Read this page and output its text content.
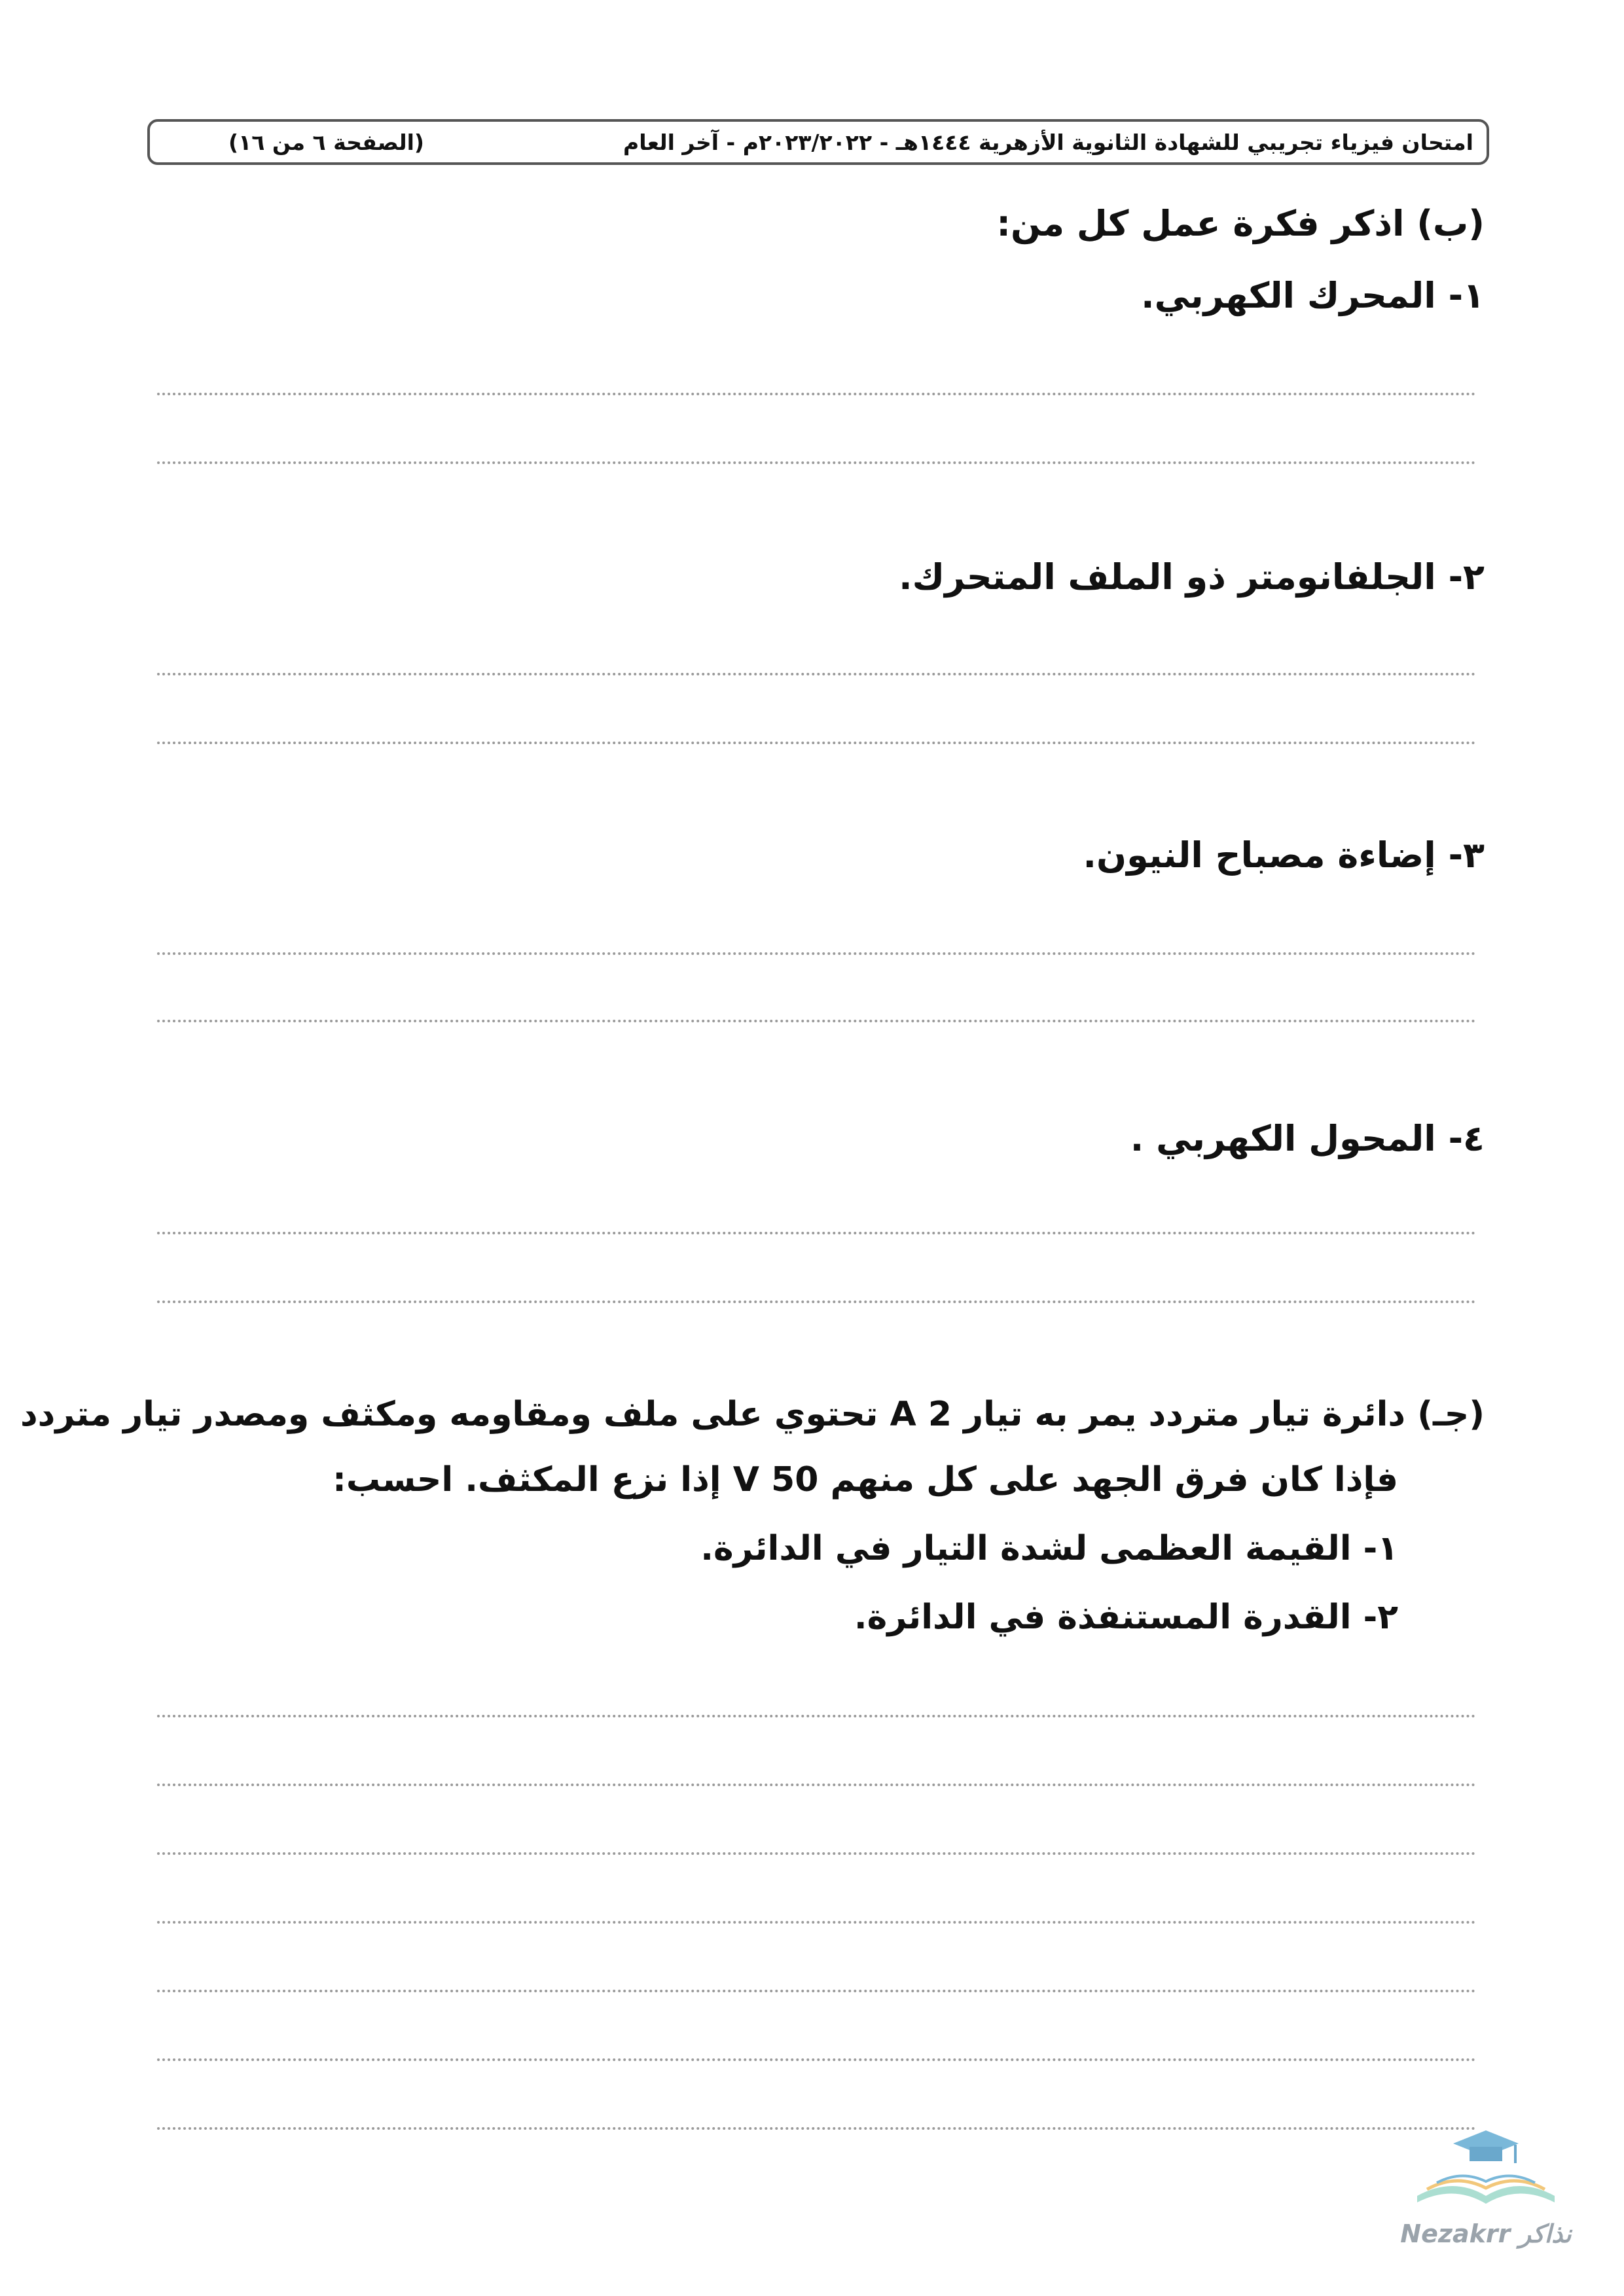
امتحان فيزياء تجريبي للشهادة الثانوية الأزهرية ١٤٤٤هـ - ٢٠٢٣/٢٠٢٢م - آخر العام
(الصفحة ٦ من ١٦)
(ب) اذكر فكرة عمل كل من:
١- المحرك الكهربي.
٢- الجلفانومتر ذو الملف المتحرك.
٣- إضاءة مصباح النيون.
٤- المحول الكهربي .
(جـ) دائرة تيار متردد يمر به تيار 2 A تحتوي على ملف ومقاومه ومكثف ومصدر تيار متردد
فإذا كان فرق الجهد على كل منهم 50 V إذا نزع المكثف. احسب:
١- القيمة العظمى لشدة التيار في الدائرة.
٢- القدرة المستنفذة في الدائرة.
Nezakrr نذاكر
